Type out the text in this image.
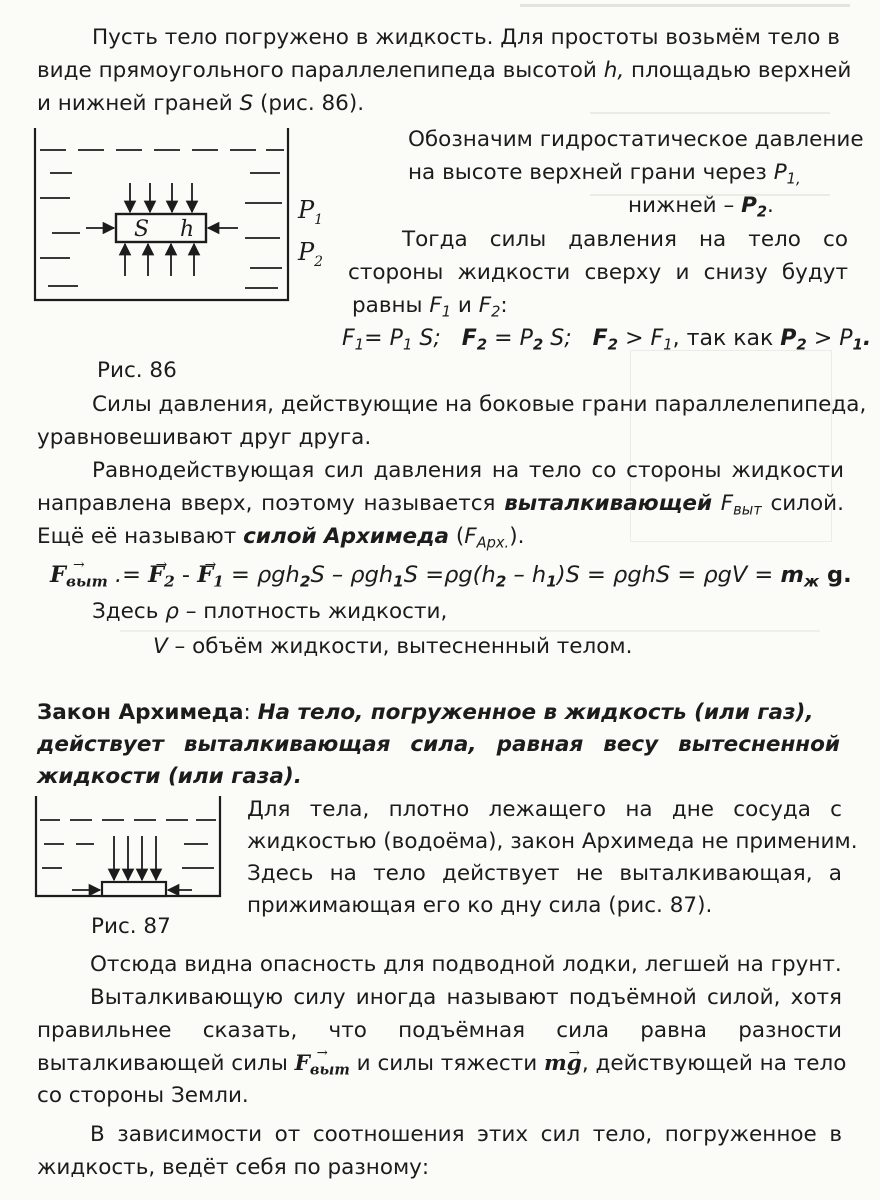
Пусть тело погружено в жидкость. Для простоты возьмём тело в
виде прямоугольного параллелепипеда высотой h, площадью верхней
и нижней граней S (рис. 86).
S h
$P_1$
$P_2$
Рис. 86
Обозначим гидростатическое давление
на высоте верхней грани через $P_{1,}$
нижней – $P_2$.
Тогда силы давления на тело со
стороны жидкости сверху и снизу будут
равны $F_1$ и $F_2$:
$F_1= P_1$ S; $F_2 = P_2$ S; $F_2 > F_1$, так как $P_2 > P_1$.
Силы давления, действующие на боковые грани параллелепипеда,
уравновешивают друг друга.
Равнодействующая сил давления на тело со стороны жидкости
направлена вверх, поэтому называется выталкивающей $F_{выт}$ силой.
Ещё её называют силой Архимеда $(F_{Арх.})$.
→ $F_{выт}$ .= → $F_2$ - → $F_1 = \rho gh_2S - \rho gh_1S =\rho g(h_2 - h_1)S = \rho ghS = \rho gV = m_ж$ g.
Здесь ρ – плотность жидкости,
V – объём жидкости, вытесненный телом.
Закон Архимеда: На тело, погруженное в жидкость (или газ),
действует выталкивающая сила, равная весу вытесненной
жидкости (или газа).
Рис. 87
Для тела, плотно лежащего на дне сосуда с
жидкостью (водоёма), закон Архимеда не применим.
Здесь на тело действует не выталкивающая, а
прижимающая его ко дну сила (рис. 87).
Отсюда видна опасность для подводной лодки, легшей на грунт.
Выталкивающую силу иногда называют подъёмной силой, хотя
правильнее сказать, что подъёмная сила равна разности
выталкивающей силы → $F_{выт}$ и силы тяжести m→ g, действующей на тело
со стороны Земли.
В зависимости от соотношения этих сил тело, погруженное в
жидкость, ведёт себя по разному:
